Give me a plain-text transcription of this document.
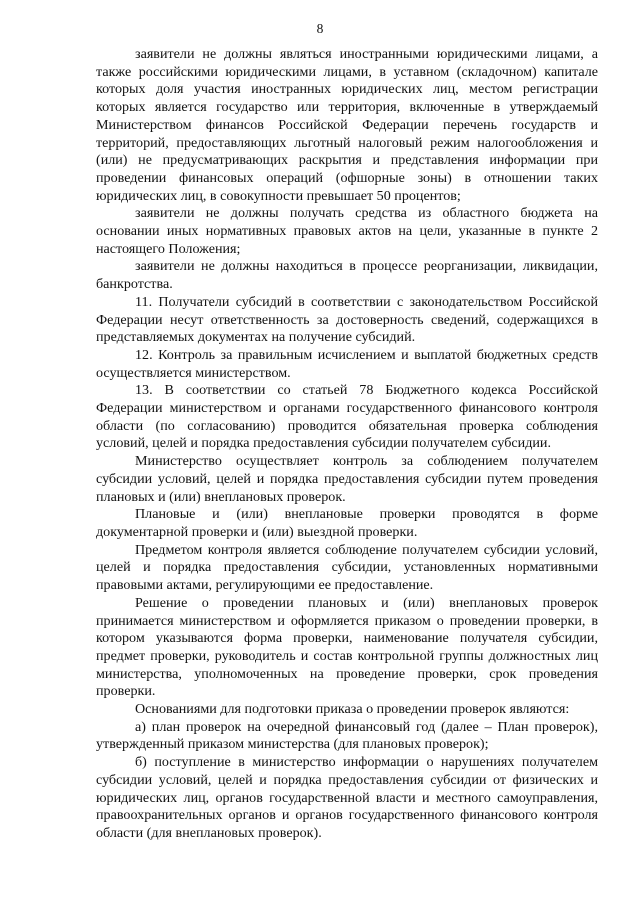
8

заявители не должны являться иностранными юридическими лицами, а также российскими юридическими лицами, в уставном (складочном) капитале которых доля участия иностранных юридических лиц, местом регистрации которых является государство или территория, включенные в утверждаемый Министерством финансов Российской Федерации перечень государств и территорий, предоставляющих льготный налоговый режим налогообложения и (или) не предусматривающих раскрытия и представления информации при проведении финансовых операций (офшорные зоны) в отношении таких юридических лиц, в совокупности превышает 50 процентов;

заявители не должны получать средства из областного бюджета на основании иных нормативных правовых актов на цели, указанные в пункте 2 настоящего Положения;

заявители не должны находиться в процессе реорганизации, ликвидации, банкротства.

11. Получатели субсидий в соответствии с законодательством Российской Федерации несут ответственность за достоверность сведений, содержащихся в представляемых документах на получение субсидий.

12. Контроль за правильным исчислением и выплатой бюджетных средств осуществляется министерством.

13. В соответствии со статьей 78 Бюджетного кодекса Российской Федерации министерством и органами государственного финансового контроля области (по согласованию) проводится обязательная проверка соблюдения условий, целей и порядка предоставления субсидии получателем субсидии.

Министерство осуществляет контроль за соблюдением получателем субсидии условий, целей и порядка предоставления субсидии путем проведения плановых и (или) внеплановых проверок.

Плановые и (или) внеплановые проверки проводятся в форме документарной проверки и (или) выездной проверки.

Предметом контроля является соблюдение получателем субсидии условий, целей и порядка предоставления субсидии, установленных нормативными правовыми актами, регулирующими ее предоставление.

Решение о проведении плановых и (или) внеплановых проверок принимается министерством и оформляется приказом о проведении проверки, в котором указываются форма проверки, наименование получателя субсидии, предмет проверки, руководитель и состав контрольной группы должностных лиц министерства, уполномоченных на проведение проверки, срок проведения проверки.

Основаниями для подготовки приказа о проведении проверок являются:

а) план проверок на очередной финансовый год (далее – План проверок), утвержденный приказом министерства (для плановых проверок);

б) поступление в министерство информации о нарушениях получателем субсидии условий, целей и порядка предоставления субсидии от физических и юридических лиц, органов государственной власти и местного самоуправления, правоохранительных органов и органов государственного финансового контроля области (для внеплановых проверок).
